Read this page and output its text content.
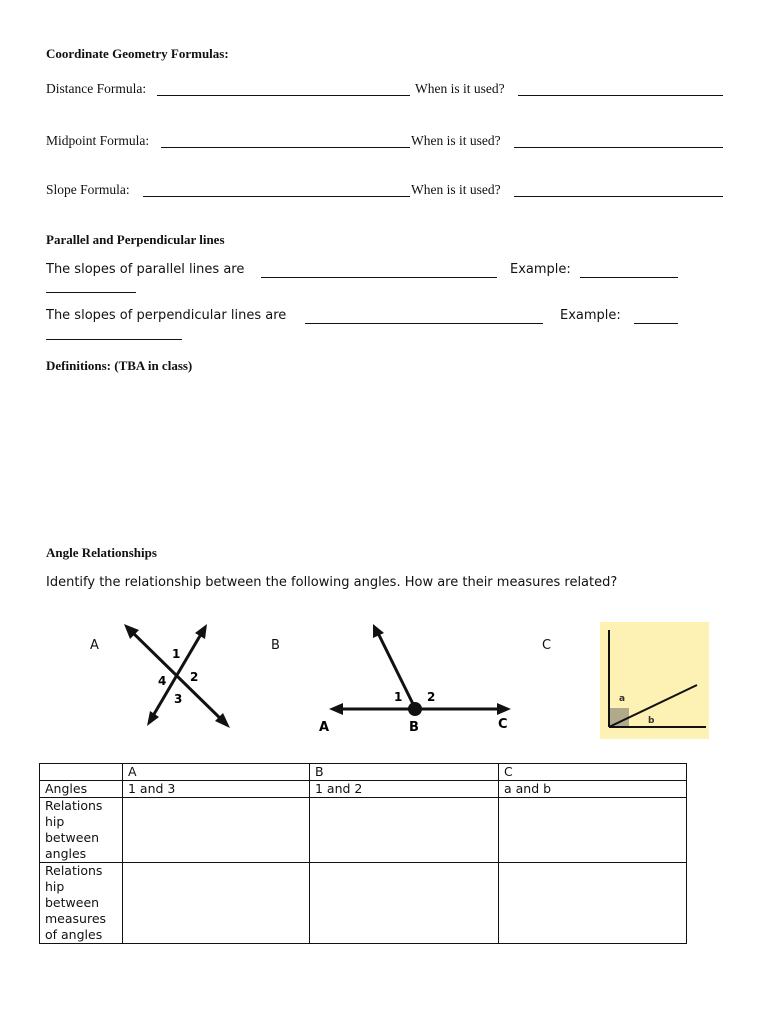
Coordinate Geometry Formulas:
Distance Formula:	When is it used?
Midpoint Formula:	When is it used?
Slope Formula:	When is it used?
Parallel and Perpendicular lines
The slopes of parallel lines are	Example:
The slopes of perpendicular lines are	Example:
Definitions: (TBA in class)
Angle Relationships
Identify the relationship between the following angles. How are their measures related?
A	B	C
1
2
3
4
1 2
A	B	C
a
b
	A	B	C
Angles	1 and 3	1 and 2	a and b
Relations hip between angles			
Relations hip between measures of angles			
